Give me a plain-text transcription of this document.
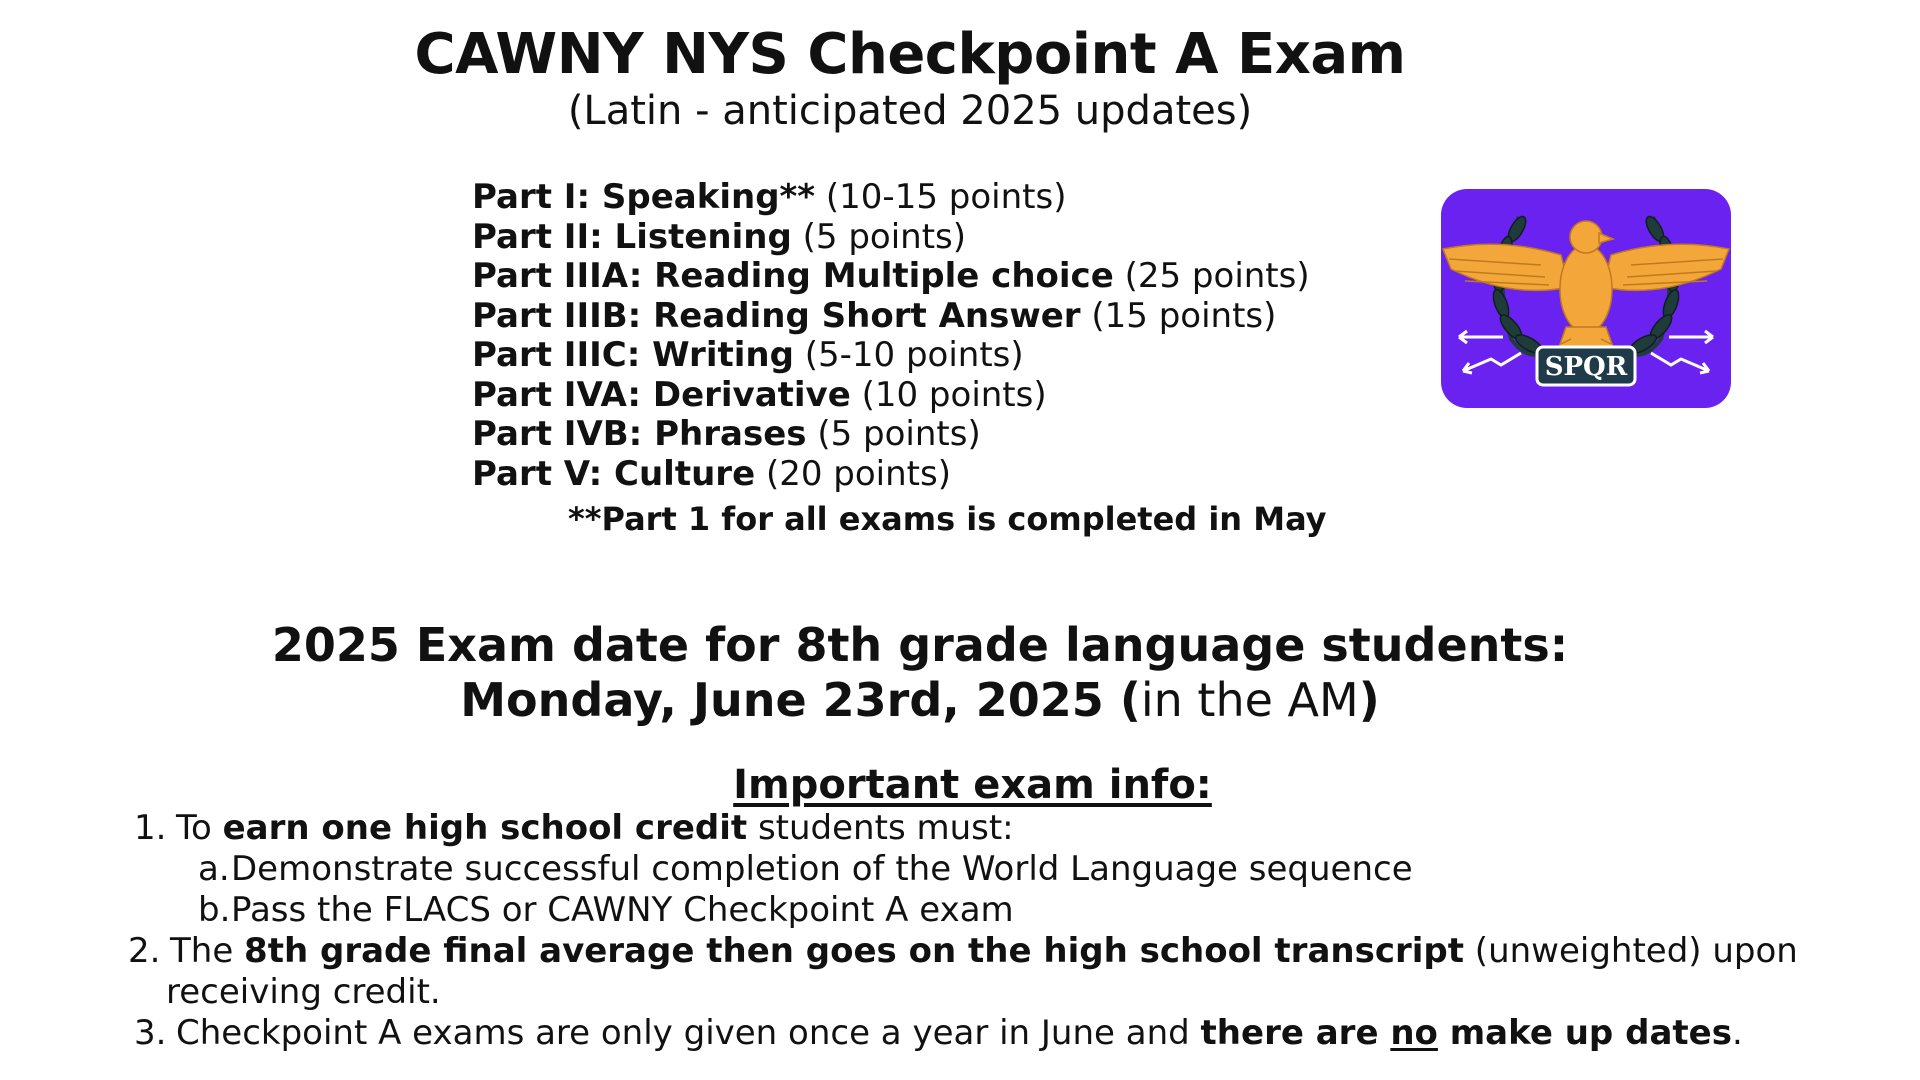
CAWNY NYS Checkpoint A Exam
(Latin - anticipated 2025 updates)
Part I: Speaking** (10-15 points)
Part II: Listening (5 points)
Part IIIA: Reading Multiple choice (25 points)
Part IIIB: Reading Short Answer (15 points)
Part IIIC: Writing (5-10 points)
Part IVA: Derivative (10 points)
Part IVB: Phrases (5 points)
Part V: Culture (20 points)
**Part 1 for all exams is completed in May
SPQR
2025 Exam date for 8th grade language students:
Monday, June 23rd, 2025 (in the AM)
Important exam info:
1. To earn one high school credit students must:
a. Demonstrate successful completion of the World Language sequence
b. Pass the FLACS or CAWNY Checkpoint A exam
2. The 8th grade final average then goes on the high school transcript (unweighted) upon
receiving credit.
3. Checkpoint A exams are only given once a year in June and there are no make up dates.
